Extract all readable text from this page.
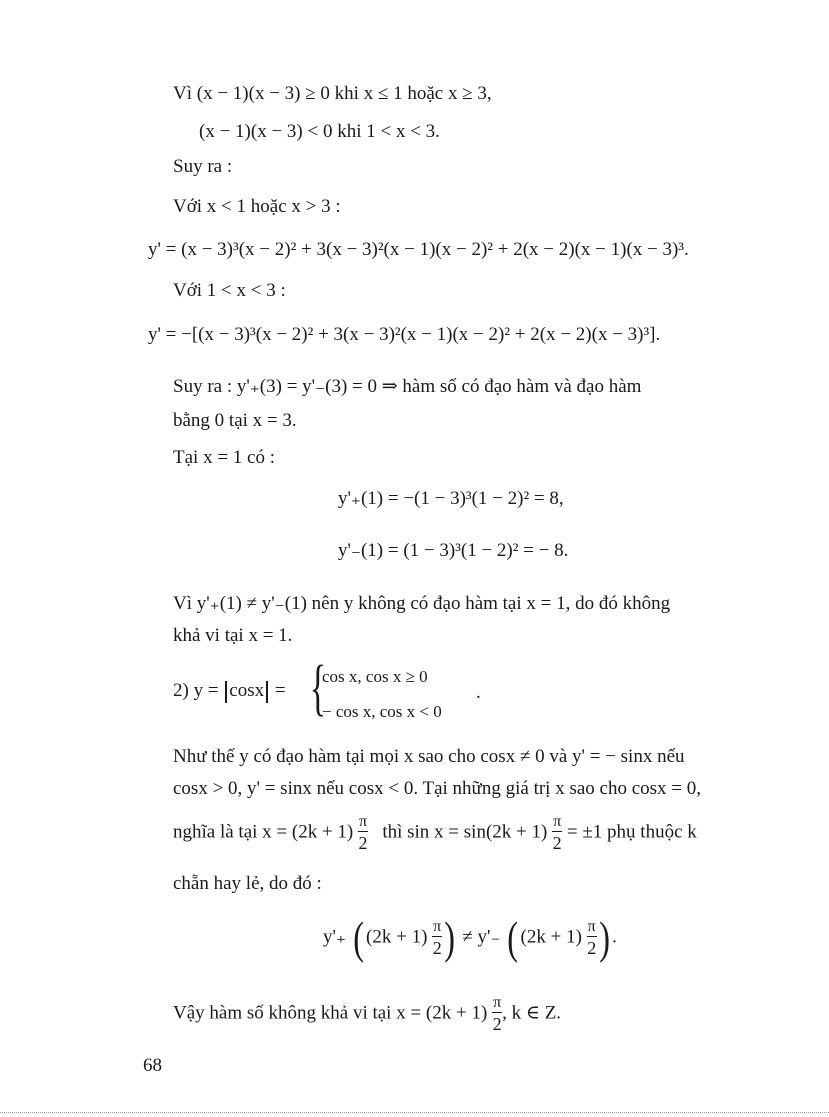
Vì (x − 1)(x − 3) ≥ 0 khi x ≤ 1 hoặc x ≥ 3,
(x − 1)(x − 3) < 0 khi 1 < x < 3.
Suy ra :
Với x < 1 hoặc x > 3 :
y' = (x − 3)³(x − 2)² + 3(x − 3)²(x − 1)(x − 2)² + 2(x − 2)(x − 1)(x − 3)³.
Với 1 < x < 3 :
y' = −[(x − 3)³(x − 2)² + 3(x − 3)²(x − 1)(x − 2)² + 2(x − 2)(x − 3)³].
Suy ra : y'₊(3) = y'₋(3) = 0 ⇒ hàm số có đạo hàm và đạo hàm
bằng 0 tại x = 3.
Tại x = 1 có :
y'₊(1) = −(1 − 3)³(1 − 2)² = 8,
y'₋(1) = (1 − 3)³(1 − 2)² = − 8.
Vì y'₊(1) ≠ y'₋(1) nên y không có đạo hàm tại x = 1, do đó không
khả vi tại x = 1.
2) y = cosx = {
cos x, cos x ≥ 0
− cos x, cos x < 0
.
Như thế y có đạo hàm tại mọi x sao cho cosx ≠ 0 và y' = − sinx nếu
cosx > 0, y' = sinx nếu cosx < 0. Tại những giá trị x sao cho cosx = 0,
nghĩa là tại $x = (2k + 1) \frac{\pi}{2}$ thì $\sin x = \sin(2k + 1) \frac{\pi}{2} = \pm 1$ phụ thuộc k
chẵn hay lẻ, do đó :
y'₊ ( $(2k + 1) \frac{\pi}{2}$ ) ≠ y'₋ ( $(2k + 1) \frac{\pi}{2}$ ) .
Vậy hàm số không khả vi tại $x = (2k + 1) \frac{\pi}{2}$ , k ∈ Z.
68
